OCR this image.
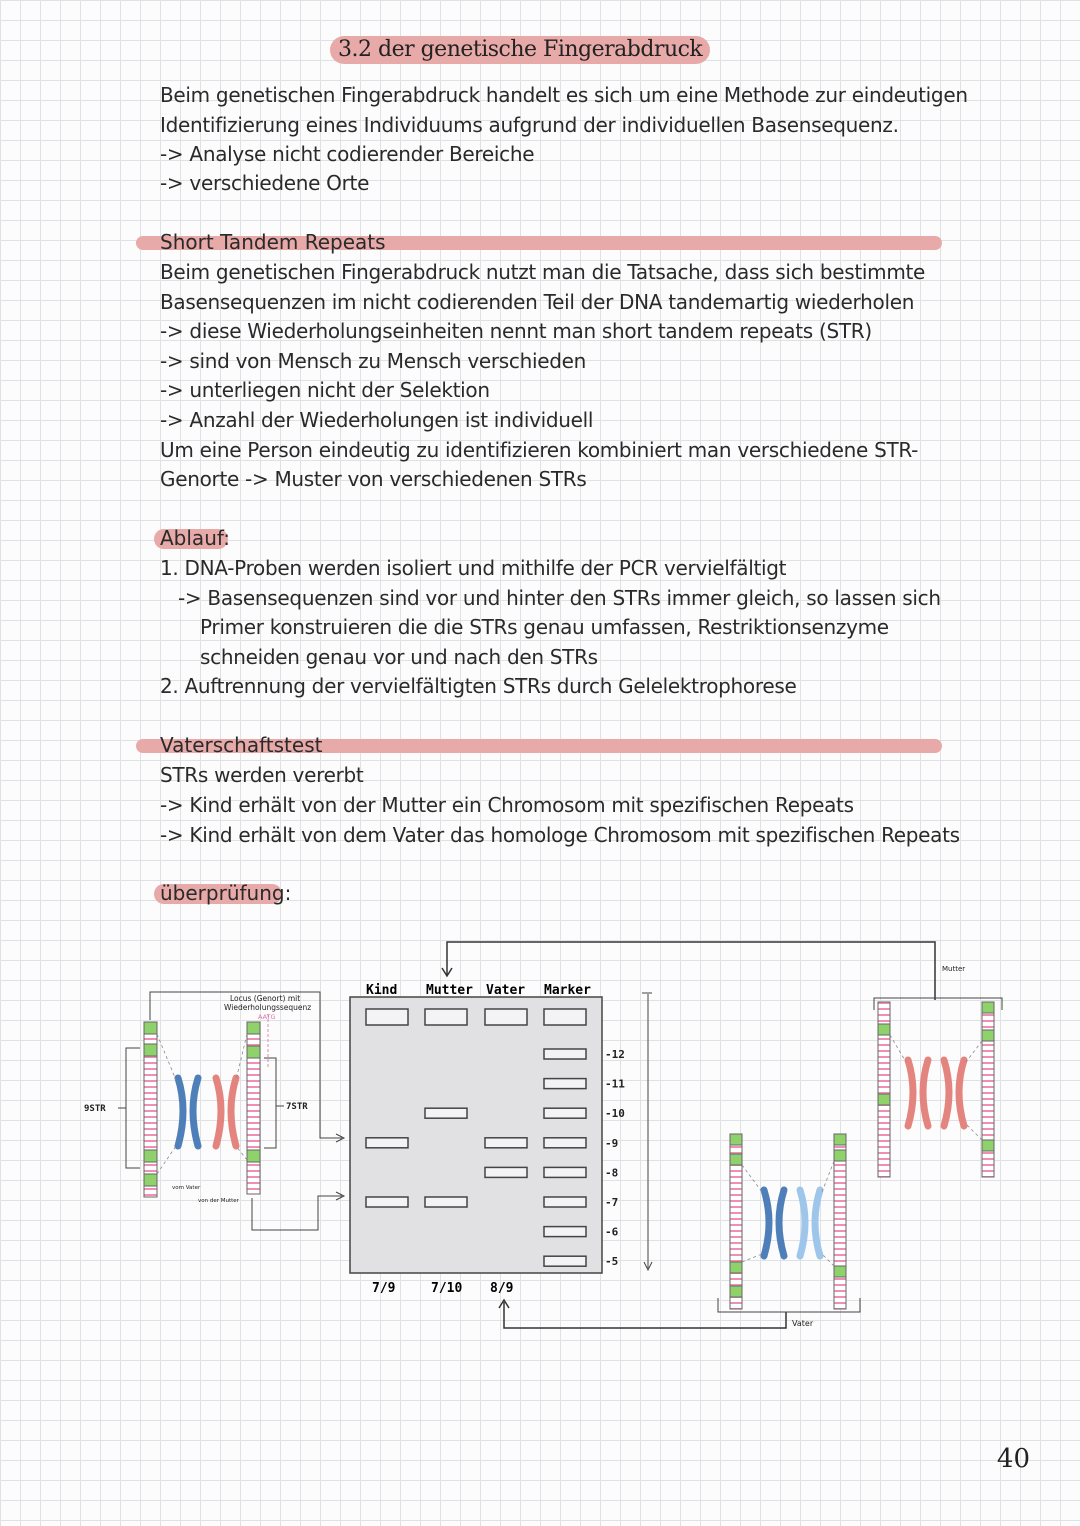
3.2 der genetische Fingerabdruck
Beim genetischen Fingerabdruck handelt es sich um eine Methode zur eindeutigen
Identifizierung eines Individuums aufgrund der individuellen Basensequenz.
-> Analyse nicht codierender Bereiche
-> verschiedene Orte
Short Tandem Repeats
Beim genetischen Fingerabdruck nutzt man die Tatsache, dass sich bestimmte
Basensequenzen im nicht codierenden Teil der DNA tandemartig wiederholen
-> diese Wiederholungseinheiten nennt man short tandem repeats (STR)
-> sind von Mensch zu Mensch verschieden
-> unterliegen nicht der Selektion
-> Anzahl der Wiederholungen ist individuell
Um eine Person eindeutig zu identifizieren kombiniert man verschiedene STR-
Genorte -> Muster von verschiedenen STRs
Ablauf:
1. DNA-Proben werden isoliert und mithilfe der PCR vervielfältigt
-> Basensequenzen sind vor und hinter den STRs immer gleich, so lassen sich
Primer konstruieren die die STRs genau umfassen, Restriktionsenzyme
schneiden genau vor und nach den STRs
2. Auftrennung der vervielfältigten STRs durch Gelelektrophorese
Vaterschaftstest
STRs werden vererbt
-> Kind erhält von der Mutter ein Chromosom mit spezifischen Repeats
-> Kind erhält von dem Vater das homologe Chromosom mit spezifischen Repeats
überprüfung:
Kind Mutter Vater Marker
-12
-11
-10
-9
-8
-7
-6
-5
7/9	7/10 8/9
9STR	7STR
Locus (Genort) mit
Wiederholungssequenz
AATG
vom Vater
von der Mutter
Mutter
Vater
40
